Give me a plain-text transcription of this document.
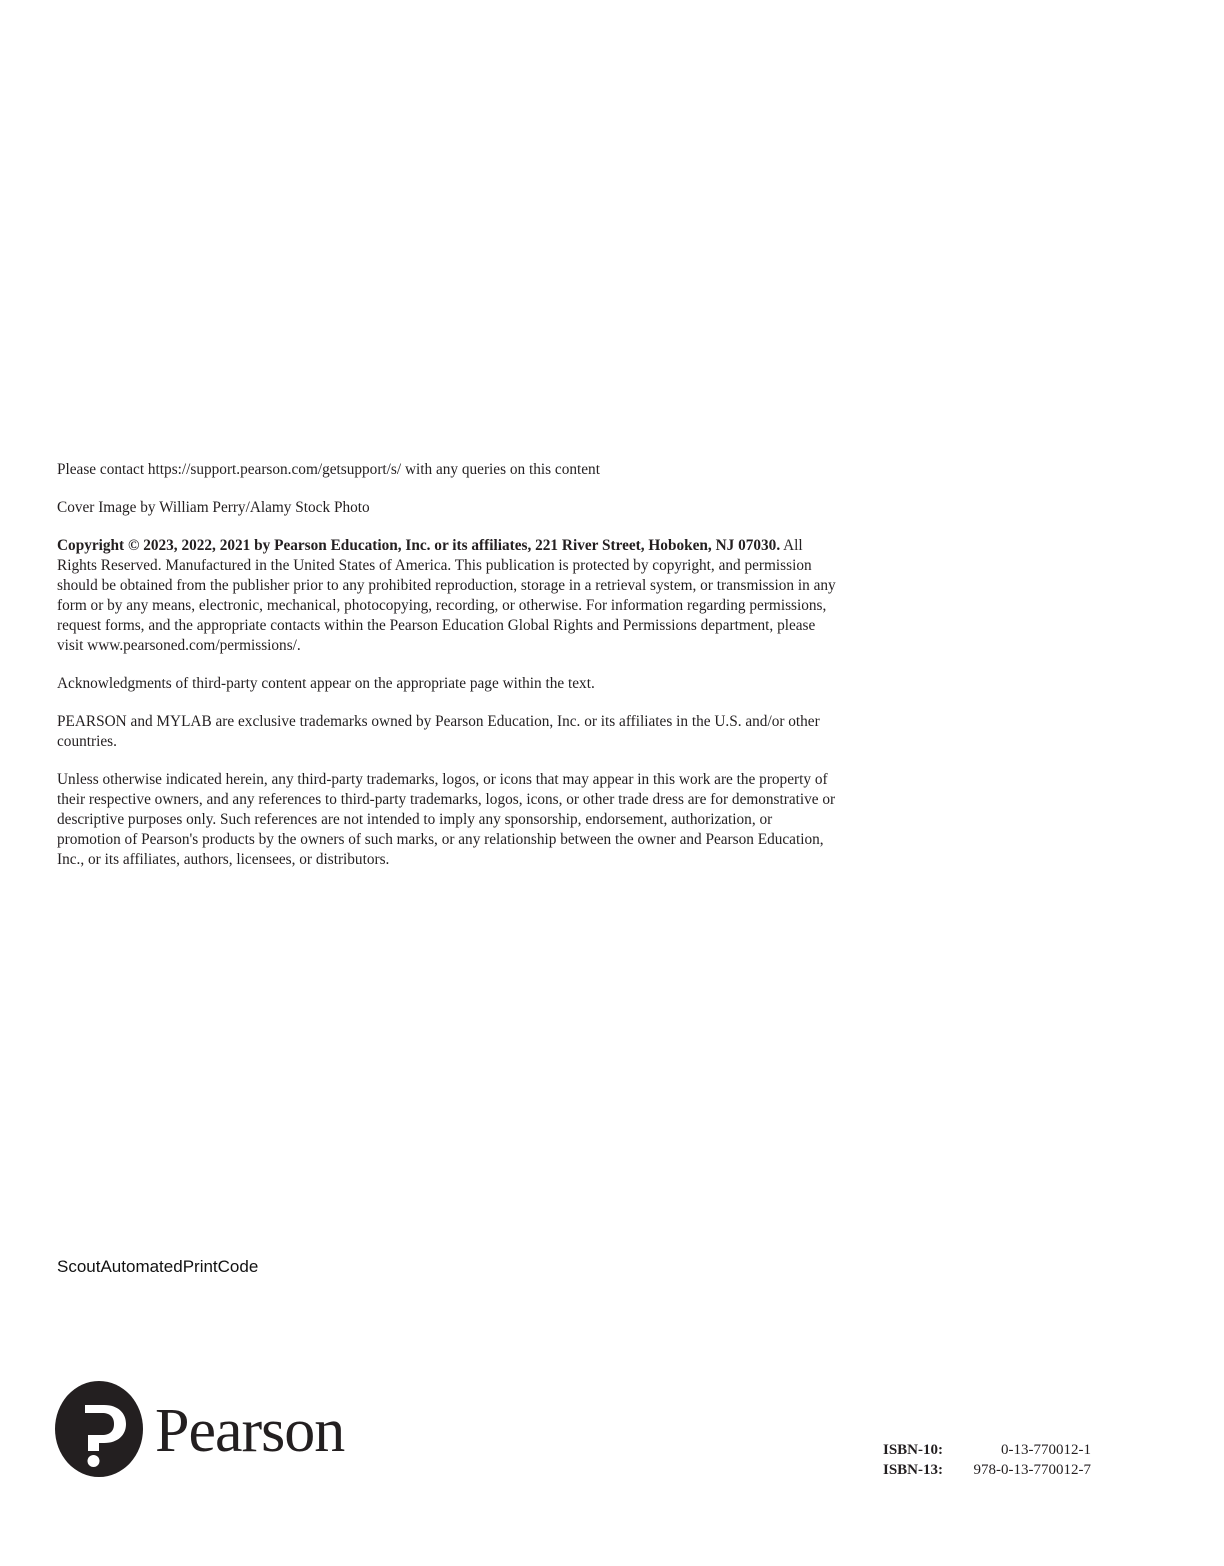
Please contact https://support.pearson.com/getsupport/s/ with any queries on this content

Cover Image by William Perry/Alamy Stock Photo

Copyright © 2023, 2022, 2021 by Pearson Education, Inc. or its affiliates, 221 River Street, Hoboken, NJ 07030. All Rights Reserved. Manufactured in the United States of America. This publication is protected by copyright, and permission should be obtained from the publisher prior to any prohibited reproduction, storage in a retrieval system, or transmission in any form or by any means, electronic, mechanical, photocopying, recording, or otherwise. For information regarding permissions, request forms, and the appropriate contacts within the Pearson Education Global Rights and Permissions department, please visit www.pearsoned.com/permissions/.

Acknowledgments of third-party content appear on the appropriate page within the text.

PEARSON and MYLAB are exclusive trademarks owned by Pearson Education, Inc. or its affiliates in the U.S. and/or other countries.

Unless otherwise indicated herein, any third-party trademarks, logos, or icons that may appear in this work are the property of their respective owners, and any references to third-party trademarks, logos, icons, or other trade dress are for demonstrative or descriptive purposes only. Such references are not intended to imply any sponsorship, endorsement, authorization, or promotion of Pearson's products by the owners of such marks, or any relationship between the owner and Pearson Education, Inc., or its affiliates, authors, licensees, or distributors.

ScoutAutomatedPrintCode
Pearson	ISBN-10:	0-13-770012-1
ISBN-13:	978-0-13-770012-7
